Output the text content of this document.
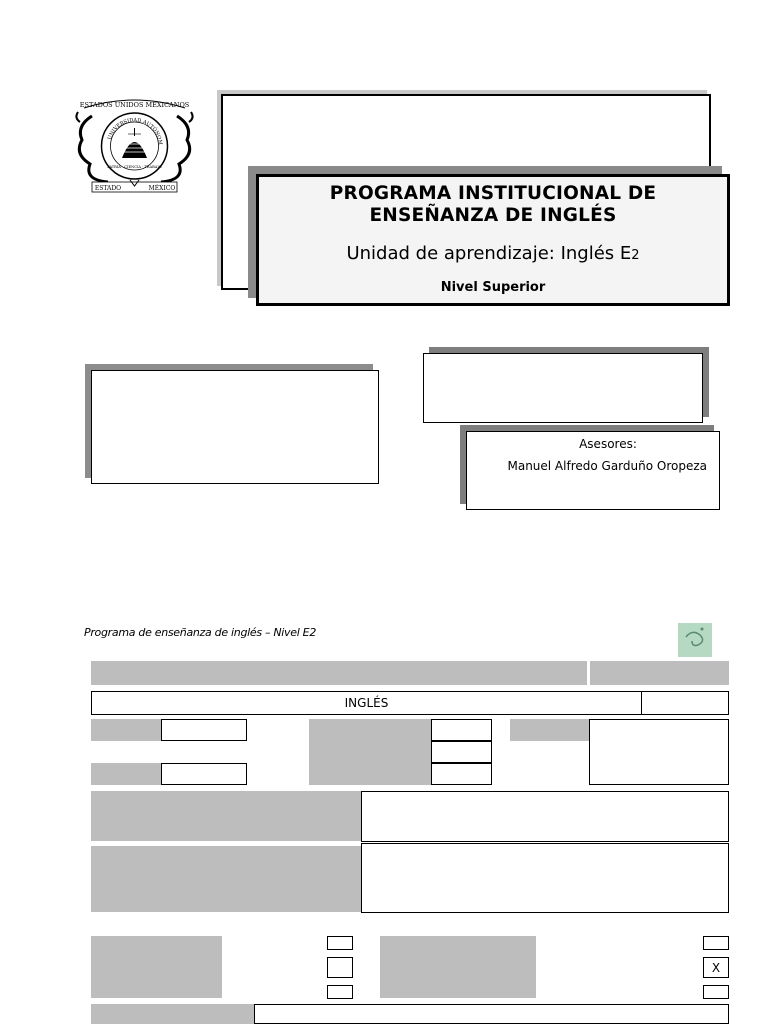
ESTADOS UNIDOS MEXICANOS
UNIVERSIDAD AUTÓNOM
PATRIA · CIENCIA · TRABAJO
ESTADO	MÉXICO	PROGRAMA INSTITUCIONAL DE
ENSEÑANZA DE INGLÉS
Unidad de aprendizaje: Inglés E2
Nivel Superior
Asesores:
Manuel Alfredo Garduño Oropeza
Programa de enseñanza de inglés – Nivel E2
INGLÉS
X
